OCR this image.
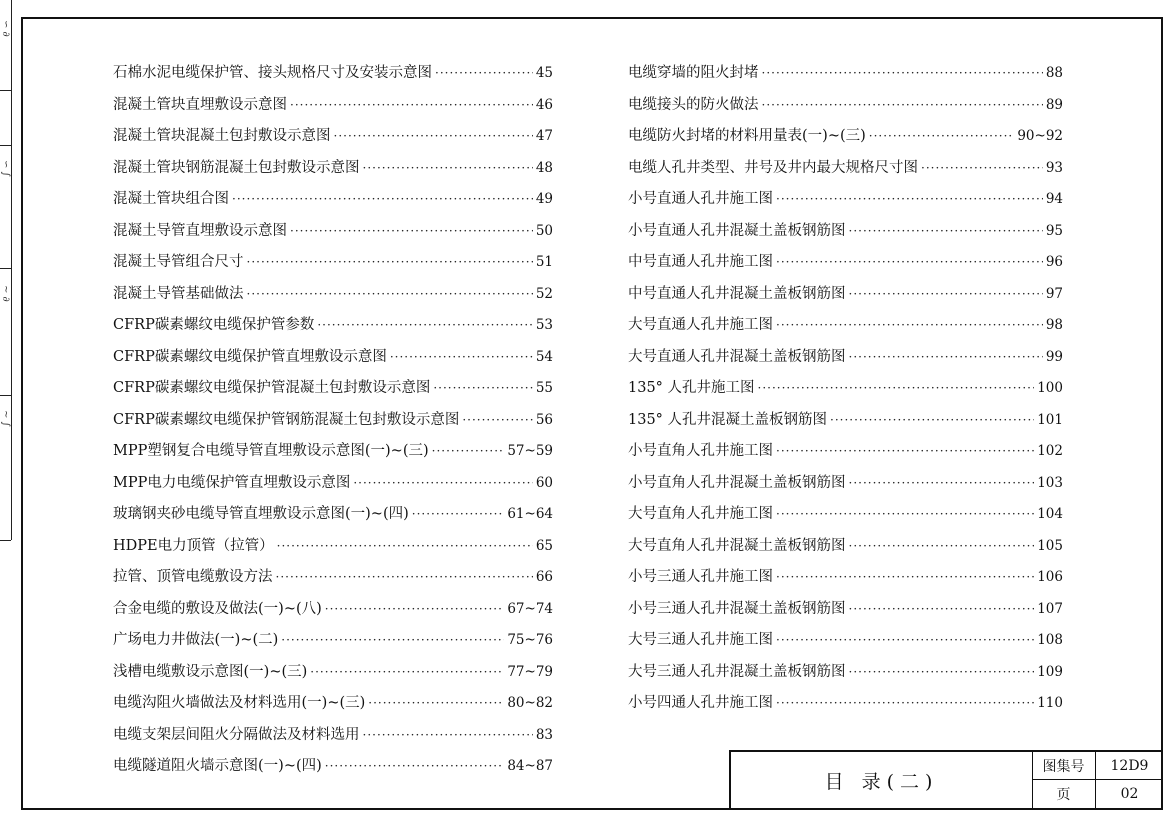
∽ ∂
∽ ∫
∼ ∂
∼ ∫
石棉水泥电缆保护管、接头规格尺寸及安装示意图 ·····	45
混凝土管块直埋敷设示意图 ·····	46
混凝土管块混凝土包封敷设示意图 ·····	47
混凝土管块钢筋混凝土包封敷设示意图 ·····	48
混凝土管块组合图 ·····	49
混凝土导管直埋敷设示意图 ·····	50
混凝土导管组合尺寸 ·····	51
混凝土导管基础做法 ·····	52
CFRP碳素螺纹电缆保护管参数 ·····	53
CFRP碳素螺纹电缆保护管直埋敷设示意图 ·····	54
CFRP碳素螺纹电缆保护管混凝土包封敷设示意图 ·····	55
CFRP碳素螺纹电缆保护管钢筋混凝土包封敷设示意图 ·····	56
MPP塑钢复合电缆导管直埋敷设示意图(一)~(三) ·····	57~59
MPP电力电缆保护管直埋敷设示意图 ·····	60
玻璃钢夹砂电缆导管直埋敷设示意图(一)~(四) ·····	61~64
HDPE电力顶管（拉管） ·····	65
拉管、顶管电缆敷设方法 ·····	66
合金电缆的敷设及做法(一)~(八) ·····	67~74
广场电力井做法(一)~(二) ·····	75~76
浅槽电缆敷设示意图(一)~(三) ·····	77~79
电缆沟阻火墙做法及材料选用(一)~(三) ·····	80~82
电缆支架层间阻火分隔做法及材料选用 ·····	83
电缆隧道阻火墙示意图(一)~(四) ·····	84~87
电缆穿墙的阻火封堵 ·····	88
电缆接头的防火做法 ·····	89
电缆防火封堵的材料用量表(一)~(三) ·····	90~92
电缆人孔井类型、井号及井内最大规格尺寸图 ·····	93
小号直通人孔井施工图 ·····	94
小号直通人孔井混凝土盖板钢筋图 ·····	95
中号直通人孔井施工图 ·····	96
中号直通人孔井混凝土盖板钢筋图 ·····	97
大号直通人孔井施工图 ·····	98
大号直通人孔井混凝土盖板钢筋图 ·····	99
135° 人孔井施工图 ·····	100
135° 人孔井混凝土盖板钢筋图 ·····	101
小号直角人孔井施工图 ·····	102
小号直角人孔井混凝土盖板钢筋图 ·····	103
大号直角人孔井施工图 ·····	104
大号直角人孔井混凝土盖板钢筋图 ·····	105
小号三通人孔井施工图 ·····	106
小号三通人孔井混凝土盖板钢筋图 ·····	107
大号三通人孔井施工图 ·····	108
大号三通人孔井混凝土盖板钢筋图 ·····	109
小号四通人孔井施工图 ·····	110
目 录(二)
图集号	12D9
页	02
